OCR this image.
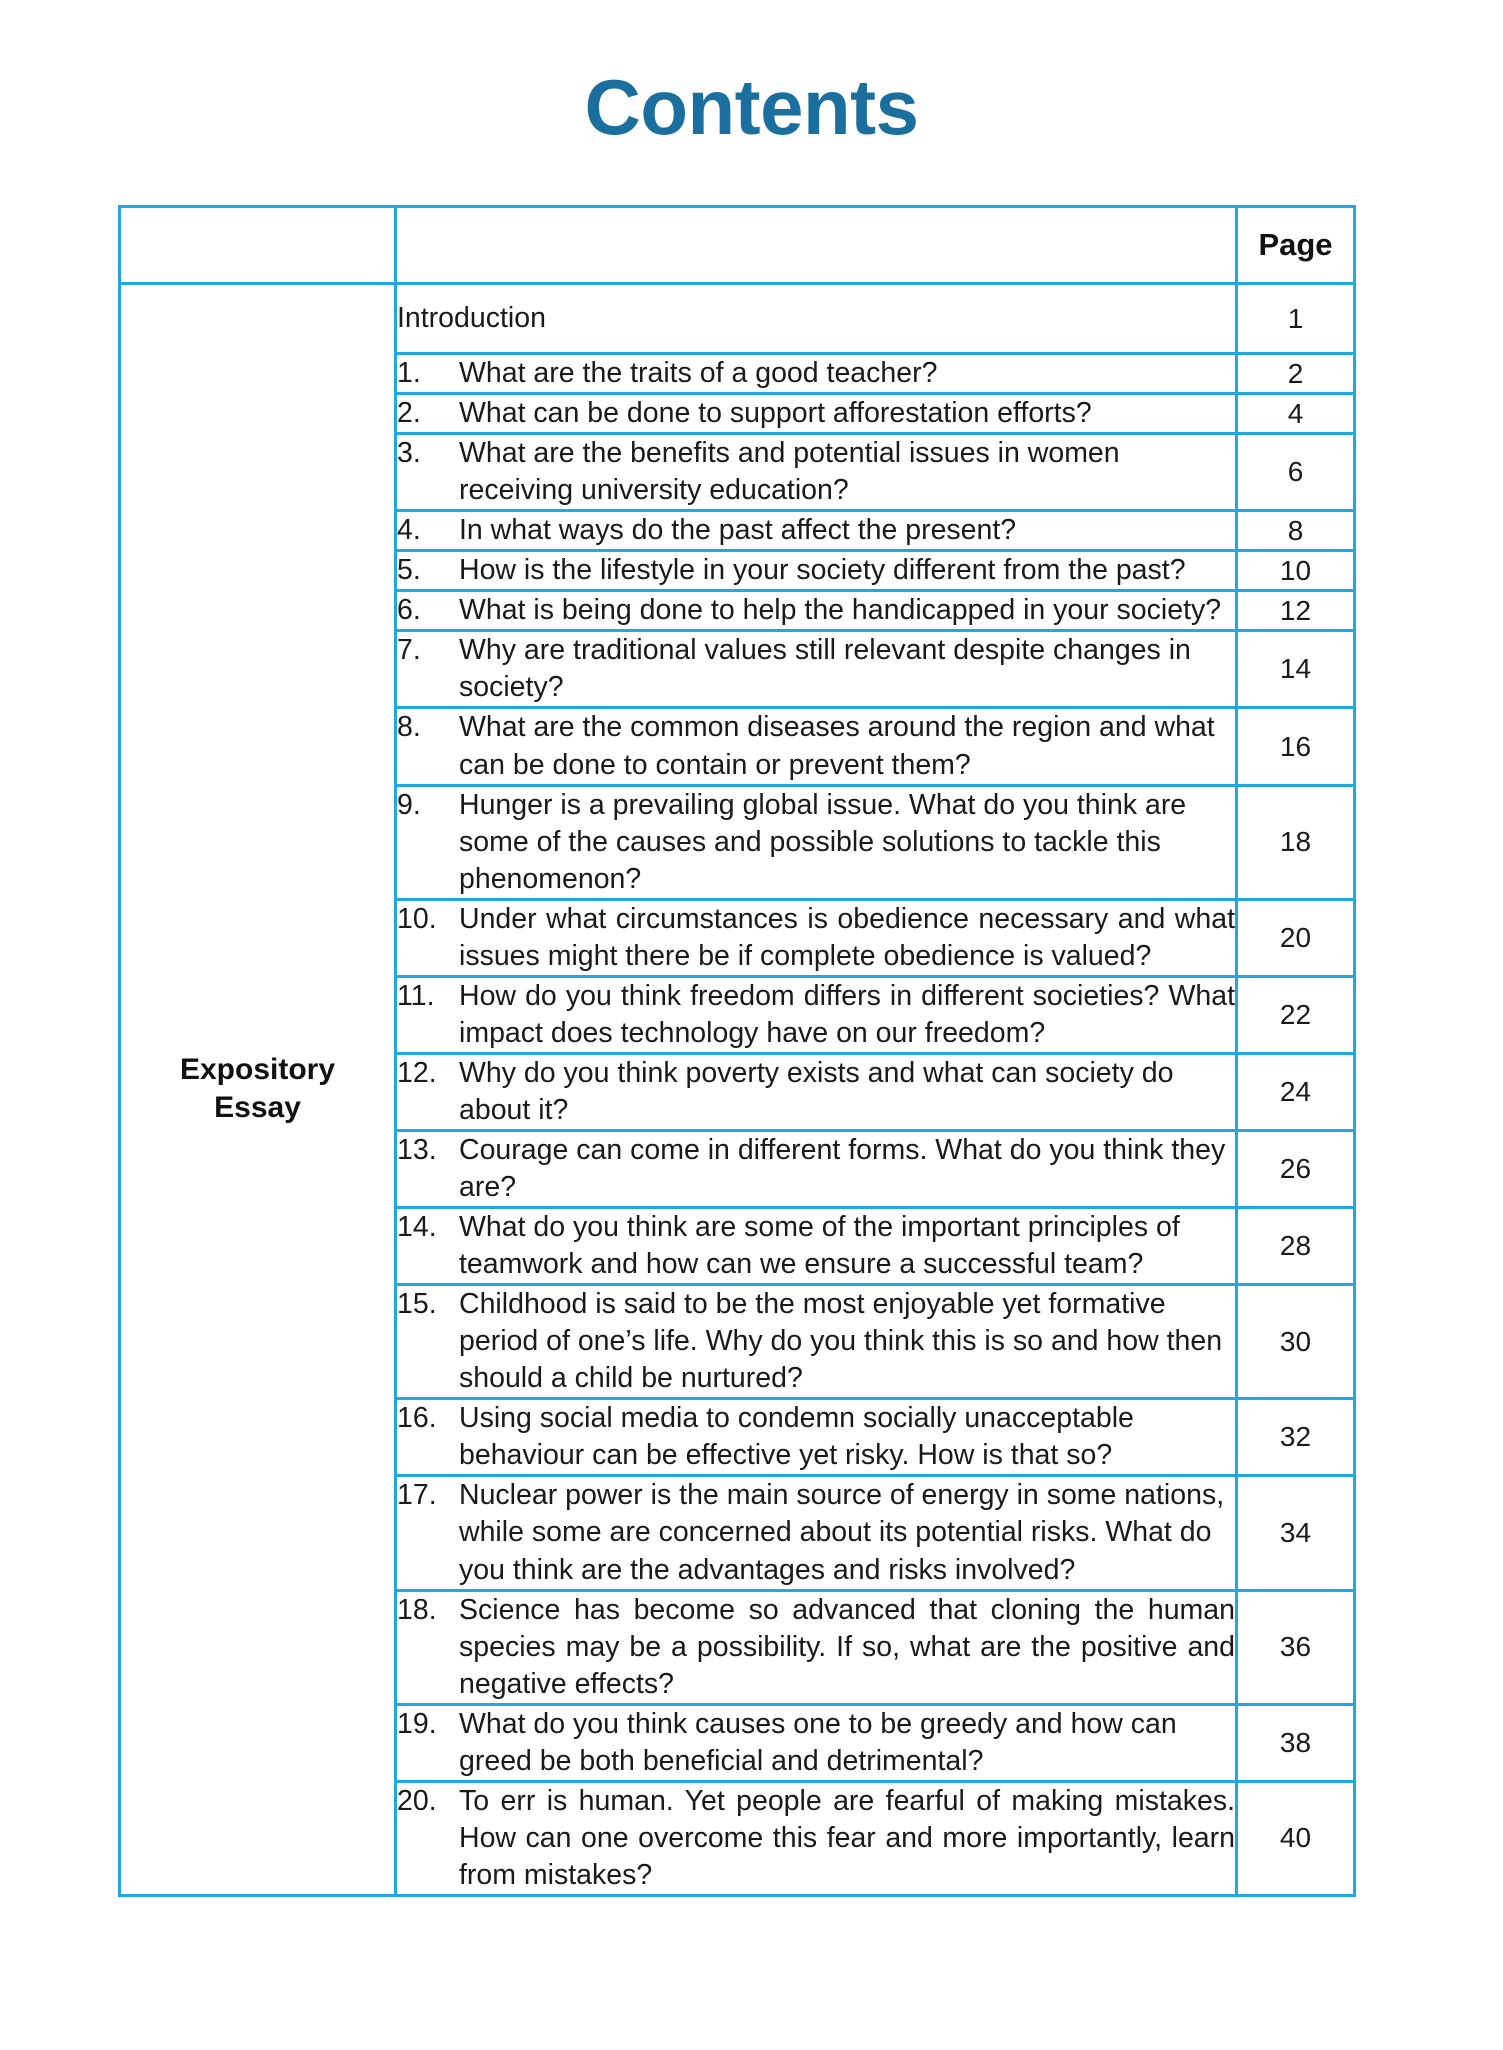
Contents
		Page

Expository
Essay	Introduction	1

	1. What are the traits of a good teacher?	2

	2. What can be done to support afforestation efforts?	4

	3. What are the benefits and potential issues in women receiving university education?	6

	4. In what ways do the past affect the present?	8

	5. How is the lifestyle in your society different from the past?	10

	6. What is being done to help the handicapped in your society?	12

	7. Why are traditional values still relevant despite changes in society?	14

	8. What are the common diseases around the region and what can be done to contain or prevent them?	16

	9. Hunger is a prevailing global issue. What do you think are some of the causes and possible solutions to tackle this phenomenon?	18

	10. Under what circumstances is obedience necessary and what issues might there be if complete obedience is valued?	20

	11. How do you think freedom differs in different societies? What impact does technology have on our freedom?	22

	12. Why do you think poverty exists and what can society do about it?	24

	13. Courage can come in different forms. What do you think they are?	26

	14. What do you think are some of the important principles of teamwork and how can we ensure a successful team?	28

	15. Childhood is said to be the most enjoyable yet formative period of one’s life. Why do you think this is so and how then should a child be nurtured?	30

	16. Using social media to condemn socially unacceptable behaviour can be effective yet risky. How is that so?	32

	17. Nuclear power is the main source of energy in some nations, while some are concerned about its potential risks. What do you think are the advantages and risks involved?	34

	18. Science has become so advanced that cloning the human species may be a possibility. If so, what are the positive and negative effects?	36

	19. What do you think causes one to be greedy and how can greed be both beneficial and detrimental?	38

	20. To err is human. Yet people are fearful of making mistakes. How can one overcome this fear and more importantly, learn from mistakes?	40
